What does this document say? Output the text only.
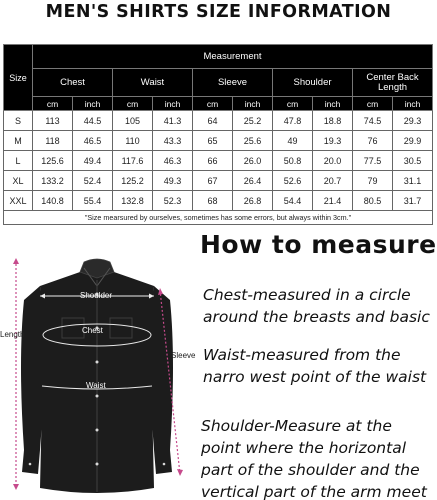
MEN'S SHIRTS SIZE INFORMATION
Size	Measurement									
	Chest		Waist		Sleeve		Shoulder		Center Back Length	
	cm	inch	cm	inch	cm	inch	cm	inch	cm	inch
S	113	44.5	105	41.3	64	25.2	47.8	18.8	74.5	29.3
M	118	46.5	110	43.3	65	25.6	49	19.3	76	29.9
L	125.6	49.4	117.6	46.3	66	26.0	50.8	20.0	77.5	30.5
XL	133.2	52.4	125.2	49.3	67	26.4	52.6	20.7	79	31.1
XXL	140.8	55.4	132.8	52.3	68	26.8	54.4	21.4	80.5	31.7
"Size mearsured by ourselves, sometimes has some errors, but always within 3cm."										
How to measure
Chest-measured in a circle
around the breasts and basic
Waist-measured from the
narro west point of the waist
Shoulder-Measure at the
point where the horizontal
part of the shoulder and the
vertical part of the arm meet
Shoulder
Chest
Waist
Length
Sleeve
